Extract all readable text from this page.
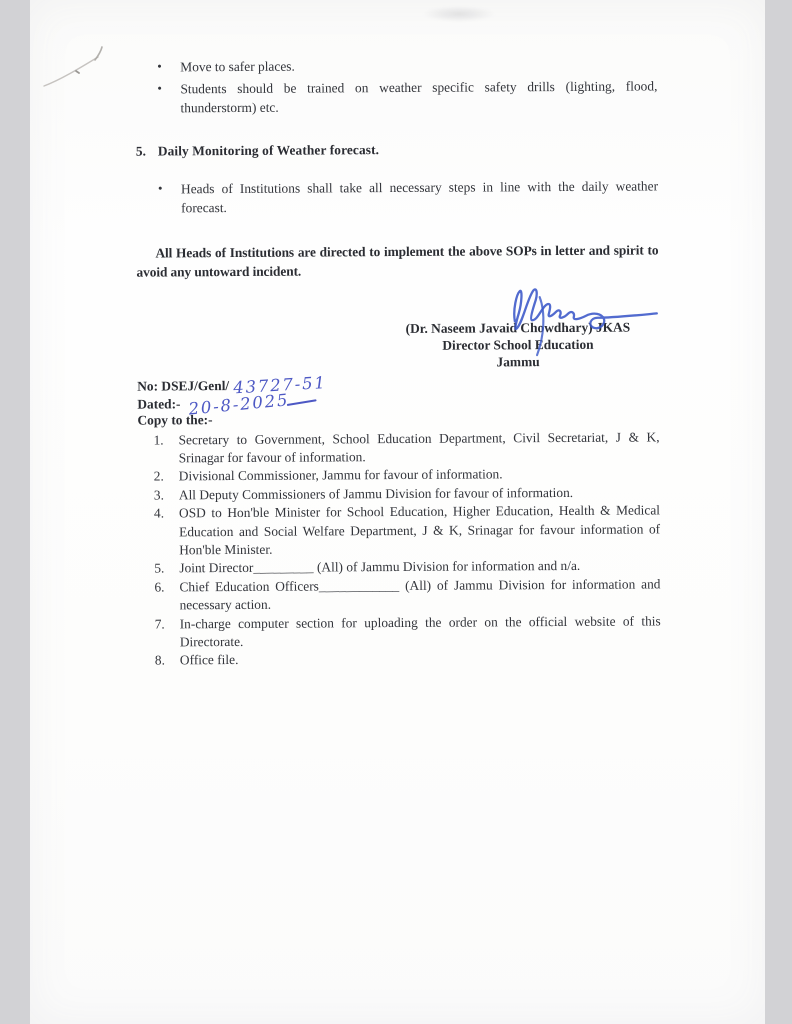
• Move to safer places.
• Students should be trained on weather specific safety drills (lighting, flood, thunderstorm) etc.
5. Daily Monitoring of Weather forecast.
• Heads of Institutions shall take all necessary steps in line with the daily weather forecast.

All Heads of Institutions are directed to implement the above SOPs in letter and spirit to avoid any untoward incident.

(Dr. Naseem Javaid Chowdhary) JKAS
Director School Education
Jammu
No: DSEJ/Genl/ 43727-51
Dated:- 20-8-2025
Copy to the:-
1. Secretary to Government, School Education Department, Civil Secretariat, J & K, Srinagar for favour of information.
2. Divisional Commissioner, Jammu for favour of information.
3. All Deputy Commissioners of Jammu Division for favour of information.
4. OSD to Hon'ble Minister for School Education, Higher Education, Health & Medical Education and Social Welfare Department, J & K, Srinagar for favour information of Hon'ble Minister.
5. Joint Director_________ (All) of Jammu Division for information and n/a.
6. Chief Education Officers____________ (All) of Jammu Division for information and necessary action.
7. In-charge computer section for uploading the order on the official website of this Directorate.
8. Office file.
